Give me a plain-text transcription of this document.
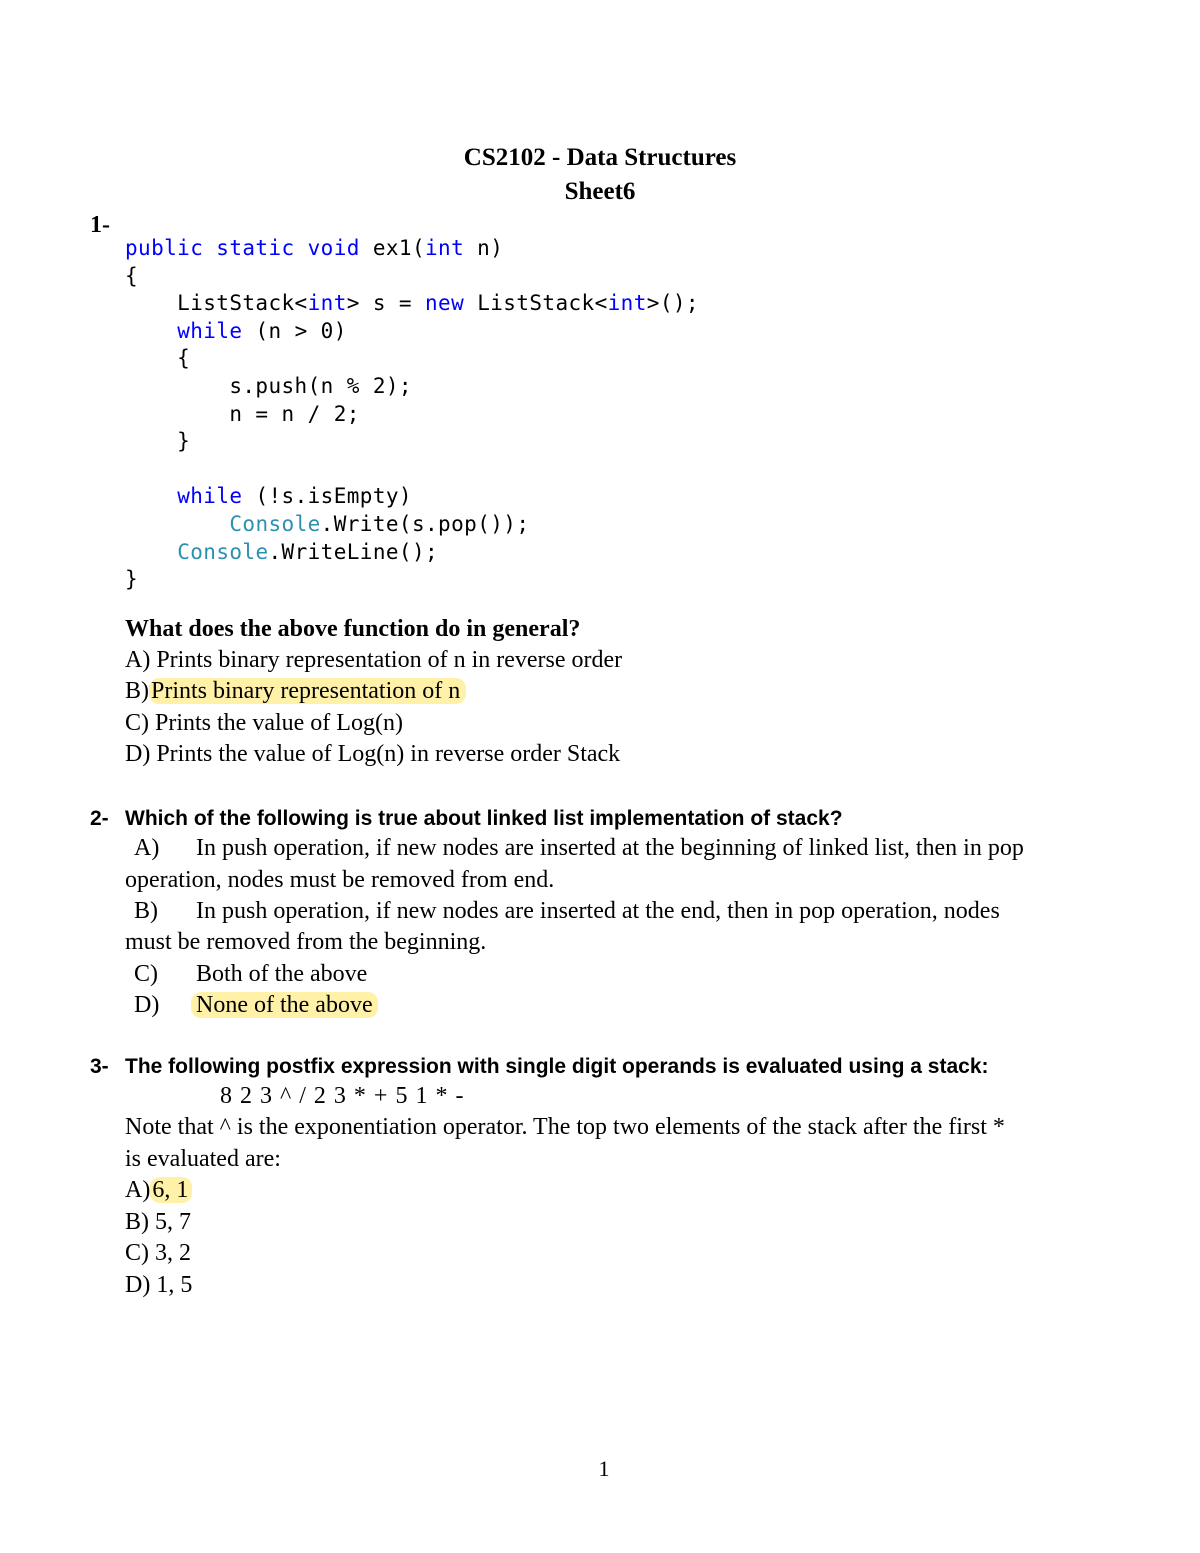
CS2102 - Data Structures
Sheet6
1-
public static void ex1(int n)
{
ListStack<int> s = new ListStack<int>();
while (n > 0)
{
s.push(n % 2);
n = n / 2;
}
while (!s.isEmpty)
Console.Write(s.pop());
Console.WriteLine();
}
What does the above function do in general?
A) Prints binary representation of n in reverse order
B)Prints binary representation of n
C) Prints the value of Log(n)
D) Prints the value of Log(n) in reverse order Stack
2- Which of the following is true about linked list implementation of stack?
A) In push operation, if new nodes are inserted at the beginning of linked list, then in pop
operation, nodes must be removed from end.
B) In push operation, if new nodes are inserted at the end, then in pop operation, nodes
must be removed from the beginning.
C) Both of the above
D) None of the above
3- The following postfix expression with single digit operands is evaluated using a stack:
8 2 3 ^ / 2 3 * + 5 1 * -
Note that ^ is the exponentiation operator. The top two elements of the stack after the first *
is evaluated are:
A)6, 1
B) 5, 7
C) 3, 2
D) 1, 5
1
